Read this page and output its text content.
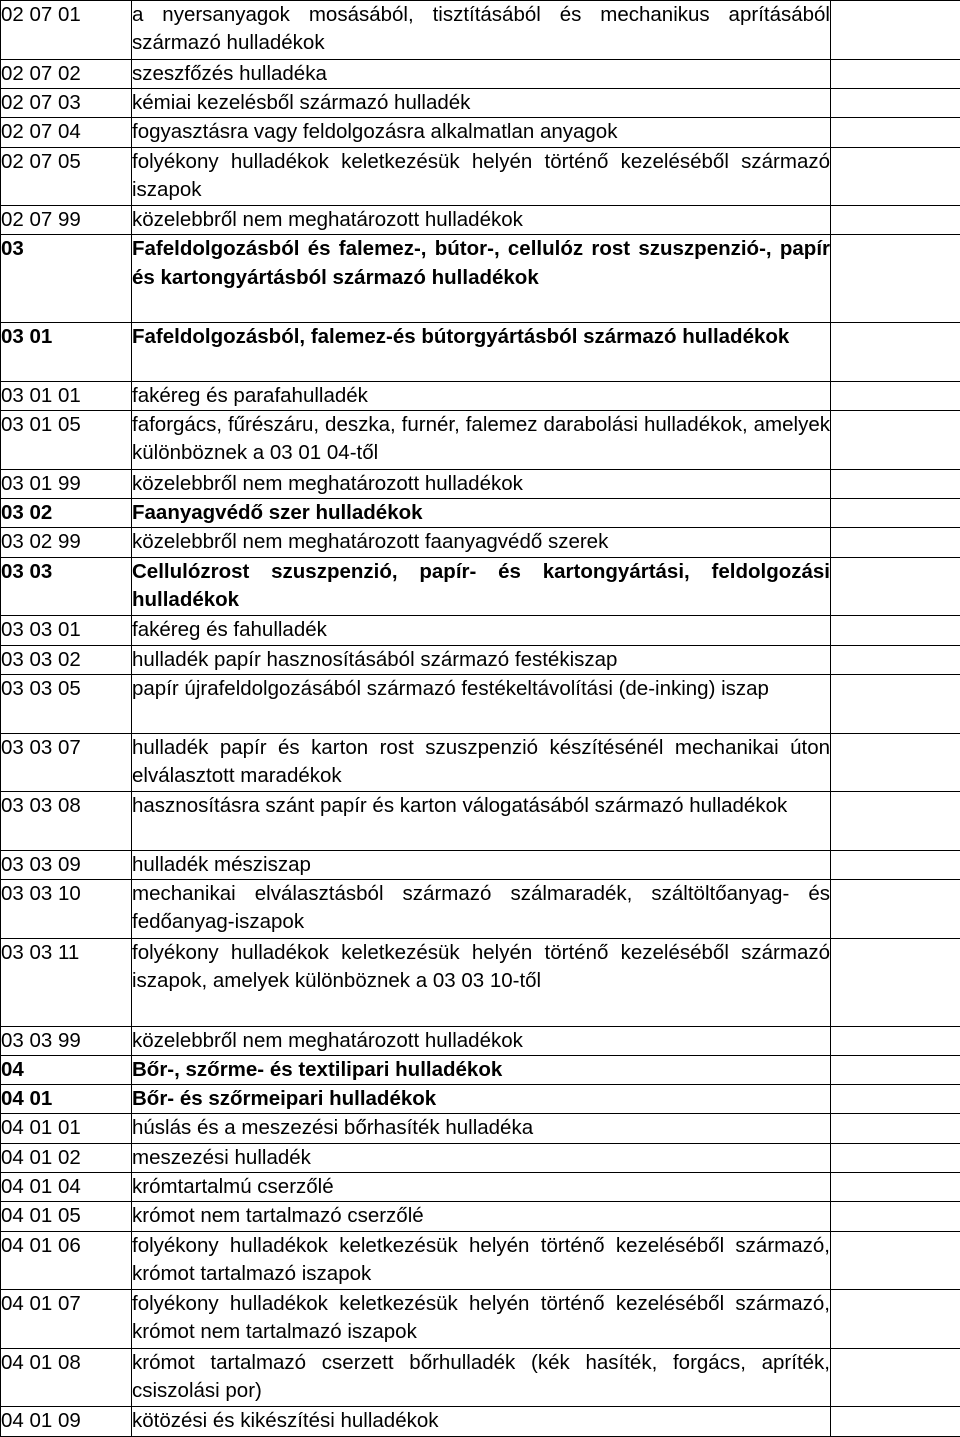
02 07 01	a nyersanyagok mosásából, tisztításából és mechanikus aprításából származó hulladékok	
02 07 02	szeszfőzés hulladéka	
02 07 03	kémiai kezelésből származó hulladék	
02 07 04	fogyasztásra vagy feldolgozásra alkalmatlan anyagok	
02 07 05	folyékony hulladékok keletkezésük helyén történő kezeléséből származó iszapok	
02 07 99	közelebbről nem meghatározott hulladékok	
03	Fafeldolgozásból és falemez-, bútor-, cellulóz rost szuszpenzió-, papír és kartongyártásból származó hulladékok	
03 01	Fafeldolgozásból, falemez-és bútorgyártásból származó hulladékok	
03 01 01	fakéreg és parafahulladék	
03 01 05	faforgács, fűrészáru, deszka, furnér, falemez darabolási hulladékok, amelyek különböznek a 03 01 04-től	
03 01 99	közelebbről nem meghatározott hulladékok	
03 02	Faanyagvédő szer hulladékok	
03 02 99	közelebbről nem meghatározott faanyagvédő szerek	
03 03	Cellulózrost szuszpenzió, papír- és kartongyártási, feldolgozási hulladékok	
03 03 01	fakéreg és fahulladék	
03 03 02	hulladék papír hasznosításából származó festékiszap	
03 03 05	papír újrafeldolgozásából származó festékeltávolítási (de-inking) iszap	
03 03 07	hulladék papír és karton rost szuszpenzió készítésénél mechanikai úton elválasztott maradékok	
03 03 08	hasznosításra szánt papír és karton válogatásából származó hulladékok	
03 03 09	hulladék mésziszap	
03 03 10	mechanikai elválasztásból származó szálmaradék, száltöltőanyag- és fedőanyag-iszapok	
03 03 11	folyékony hulladékok keletkezésük helyén történő kezeléséből származó iszapok, amelyek különböznek a 03 03 10-től	
03 03 99	közelebbről nem meghatározott hulladékok	
04	Bőr-, szőrme- és textilipari hulladékok	
04 01	Bőr- és szőrmeipari hulladékok	
04 01 01	húslás és a meszezési bőrhasíték hulladéka	
04 01 02	meszezési hulladék	
04 01 04	krómtartalmú cserzőlé	
04 01 05	krómot nem tartalmazó cserzőlé	
04 01 06	folyékony hulladékok keletkezésük helyén történő kezeléséből származó, krómot tartalmazó iszapok	
04 01 07	folyékony hulladékok keletkezésük helyén történő kezeléséből származó, krómot nem tartalmazó iszapok	
04 01 08	krómot tartalmazó cserzett bőrhulladék (kék hasíték, forgács, apríték, csiszolási por)	
04 01 09	kötözési és kikészítési hulladékok	
